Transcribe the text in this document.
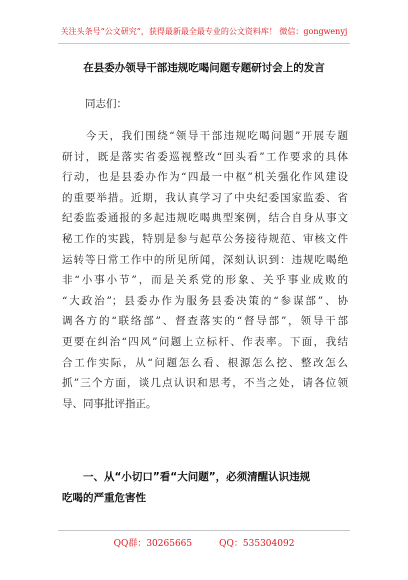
关注头条号“公文研究”，获得最新最全最专业的公文资料库！ 微信：gongwenyj
在县委办领导干部违规吃喝问题专题研讨会上的发言
同志们：
　　今天，我们围绕“领导干部违规吃喝问题”开展专题
研讨，既是落实省委巡视整改“回头看”工作要求的具体
行动，也是县委办作为“四最一中枢”机关强化作风建设
的重要举措。近期，我认真学习了中央纪委国家监委、省
纪委监委通报的多起违规吃喝典型案例，结合自身从事文
秘工作的实践，特别是参与起草公务接待规范、审核文件
运转等日常工作中的所见所闻，深刻认识到：违规吃喝绝
非“小事小节”，而是关系党的形象、关乎事业成败的
“大政治”；县委办作为服务县委决策的“参谋部”、协
调各方的“联络部”、督查落实的“督导部”，领导干部
更要在纠治“四风”问题上立标杆、作表率。下面，我结
合工作实际，从“问题怎么看、根源怎么挖、整改怎么
抓”三个方面，谈几点认识和思考，不当之处，请各位领
导、同事批评指正。
　　一、从“小切口”看“大问题”，必须清醒认识违规
吃喝的严重危害性
QQ群：30265665　　　QQ：535304092
